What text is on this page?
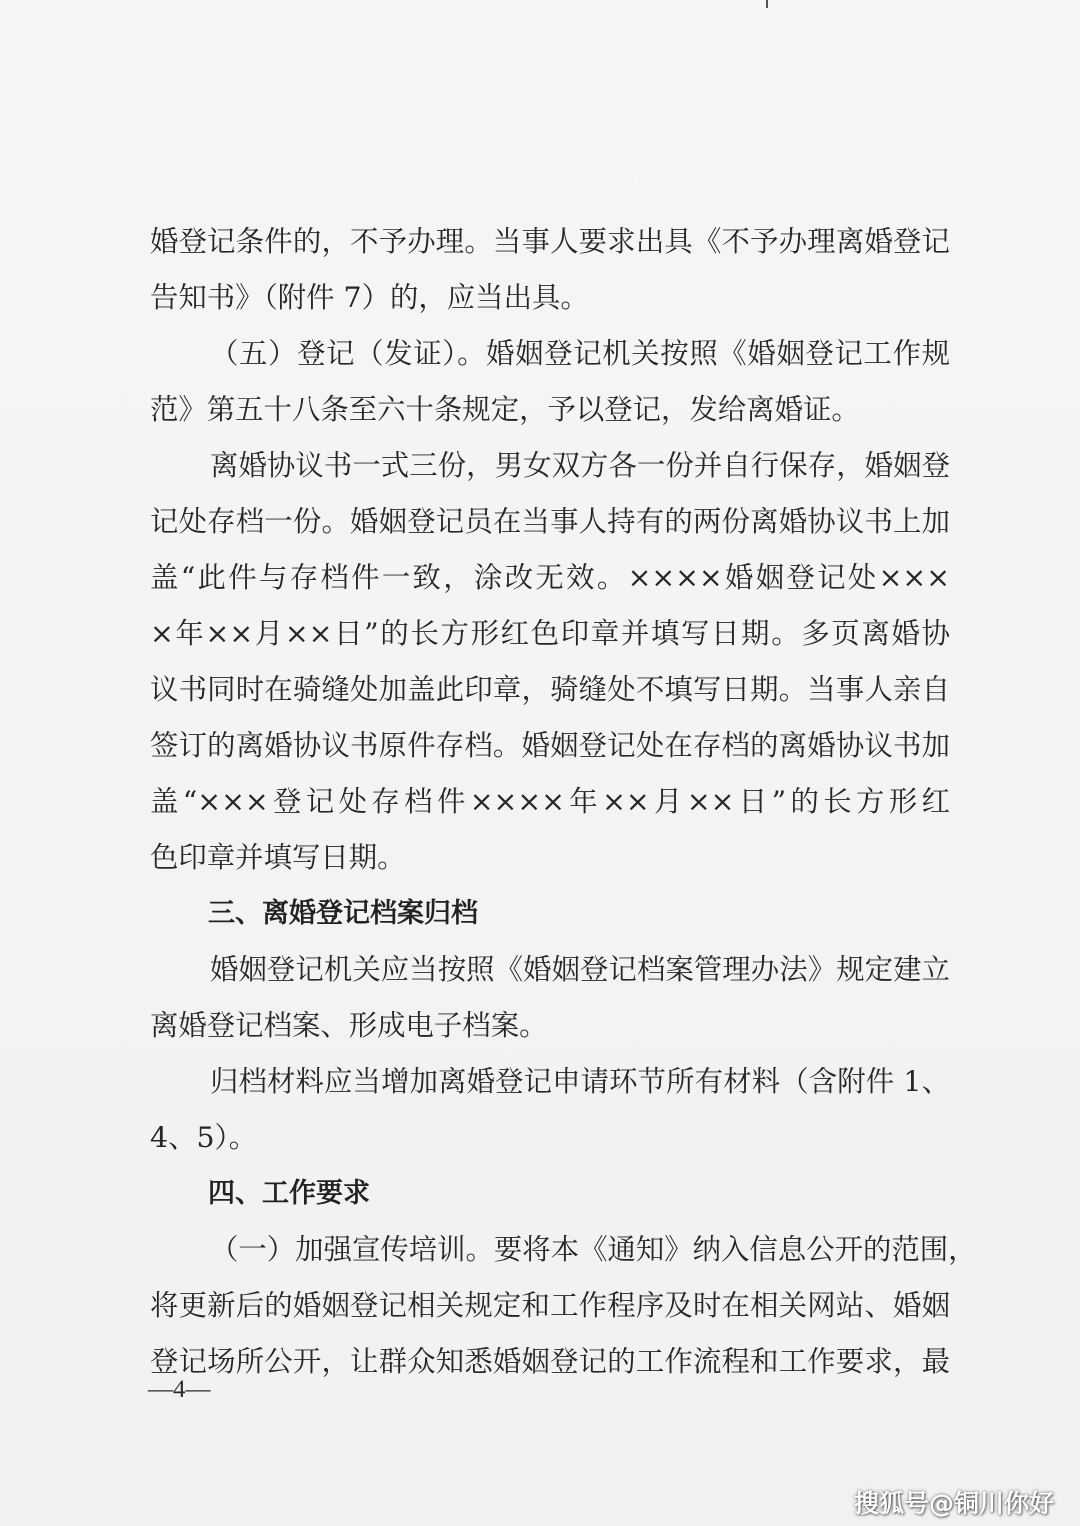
婚登记条件的，不予办理。当事人要求出具《不予办理离婚登记
告知书》（附件 7）的，应当出具。
（五）登记（发证）。婚姻登记机关按照《婚姻登记工作规
范》第五十八条至六十条规定，予以登记，发给离婚证。
离婚协议书一式三份，男女双方各一份并自行保存，婚姻登
记处存档一份。婚姻登记员在当事人持有的两份离婚协议书上加
盖“此件与存档件一致，涂改无效。××××婚姻登记处×××
×年××月××日”的长方形红色印章并填写日期。多页离婚协
议书同时在骑缝处加盖此印章，骑缝处不填写日期。当事人亲自
签订的离婚协议书原件存档。婚姻登记处在存档的离婚协议书加
盖“×××登记处存档件××××年××月××日”的长方形红
色印章并填写日期。
三、离婚登记档案归档
婚姻登记机关应当按照《婚姻登记档案管理办法》规定建立
离婚登记档案、形成电子档案。
归档材料应当增加离婚登记申请环节所有材料（含附件 1、
4、5）。
四、工作要求
（一）加强宣传培训。要将本《通知》纳入信息公开的范围，
将更新后的婚姻登记相关规定和工作程序及时在相关网站、婚姻
登记场所公开，让群众知悉婚姻登记的工作流程和工作要求，最
—4—
搜狐号@铜川你好
